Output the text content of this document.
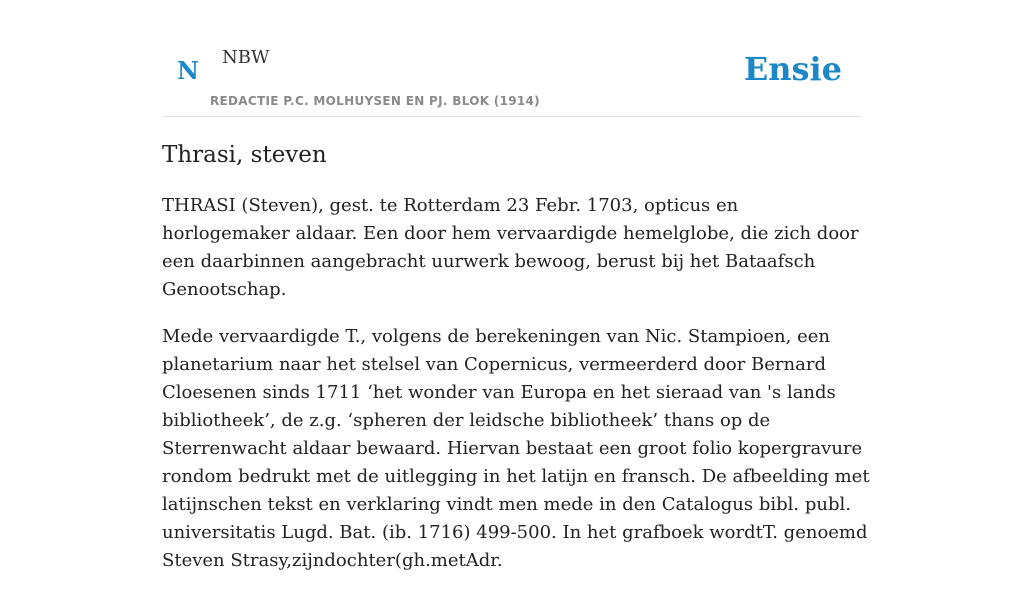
N NBW
REDACTIE P.C. MOLHUYSEN EN PJ. BLOK (1914)
Ensie
Thrasi, steven

THRASI (Steven), gest. te Rotterdam 23 Febr. 1703, opticus en horlogemaker aldaar. Een door hem vervaardigde hemelglobe, die zich door een daarbinnen aangebracht uurwerk bewoog, berust bij het Bataafsch Genootschap.

Mede vervaardigde T., volgens de berekeningen van Nic. Stampioen, een planetarium naar het stelsel van Copernicus, vermeerderd door Bernard Cloesenen sinds 1711 ‘het wonder van Europa en het sieraad van 's lands bibliotheek’, de z.g. ‘spheren der leidsche bibliotheek’ thans op de Sterrenwacht aldaar bewaard. Hiervan bestaat een groot folio kopergravure rondom bedrukt met de uitlegging in het latijn en fransch. De afbeelding met latijnschen tekst en verklaring vindt men mede in den Catalogus bibl. publ. universitatis Lugd. Bat. (ib. 1716) 499-500. In het grafboek wordtT. genoemd Steven Strasy,zijndochter(gh.metAdr.
